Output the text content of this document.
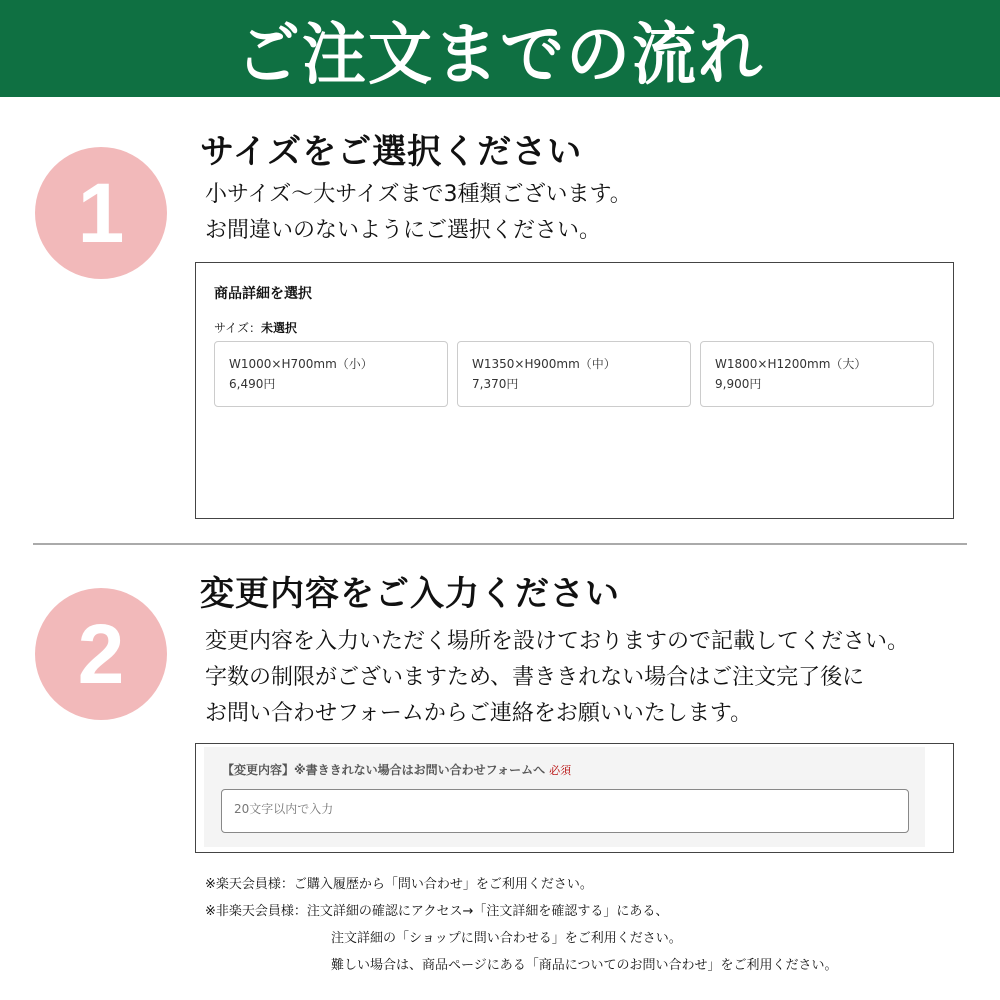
ご注文までの流れ
1
サイズをご選択ください
小サイズ～大サイズまで3種類ございます。
お間違いのないようにご選択ください。
商品詳細を選択
サイズ：未選択
W1000×H700mm（小）
6,490円
W1350×H900mm（中）
7,370円
W1800×H1200mm（大）
9,900円
2
変更内容をご入力ください
変更内容を入力いただく場所を設けておりますので記載してください。
字数の制限がございますため、書ききれない場合はご注文完了後に
お問い合わせフォームからご連絡をお願いいたします。
【変更内容】※書ききれない場合はお問い合わせフォームへ 必須
20文字以内で入力
※楽天会員様： ご購入履歴から「問い合わせ」をご利用ください。
※非楽天会員様： 注文詳細の確認にアクセス→「注文詳細を確認する」にある、
注文詳細の「ショップに問い合わせる」をご利用ください。
難しい場合は、商品ページにある「商品についてのお問い合わせ」をご利用ください。
